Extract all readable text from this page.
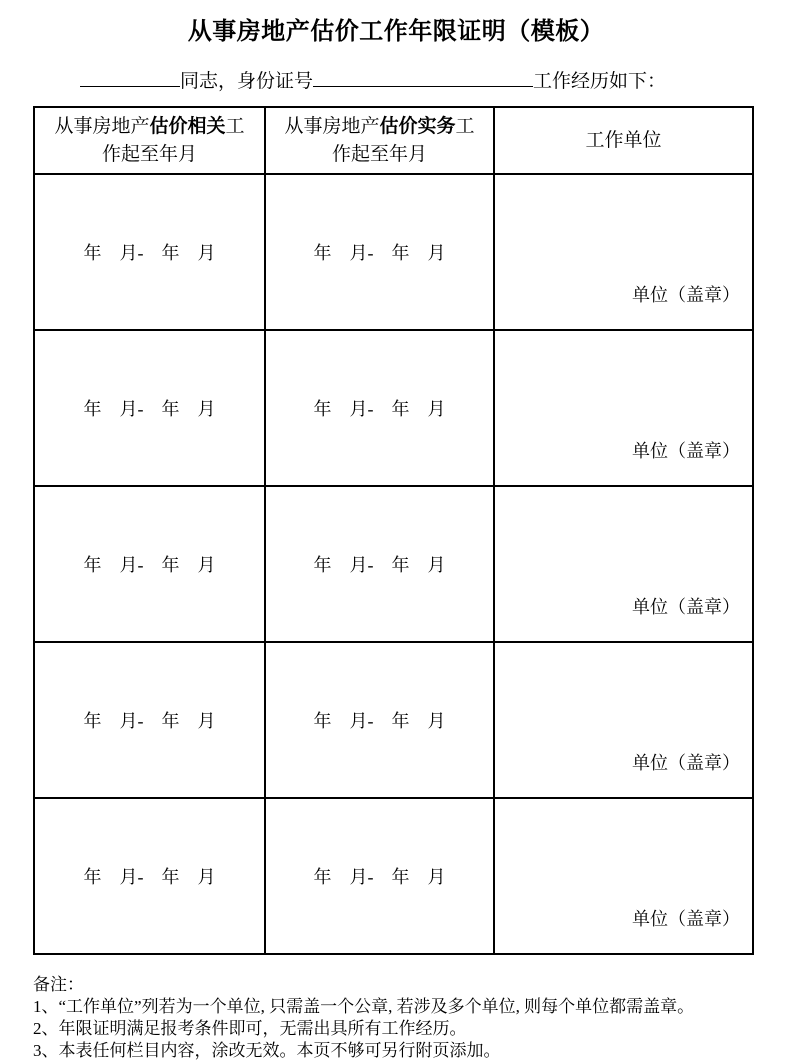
从事房地产估价工作年限证明（模板）
同志，身份证号	工作经历如下：
从事房地产估价相关工作起至年月	从事房地产估价实务工作起至年月	工作单位
年　月-　年　月	年　月-　年　月	单位（盖章）
年　月-　年　月	年　月-　年　月	单位（盖章）
年　月-　年　月	年　月-　年　月	单位（盖章）
年　月-　年　月	年　月-　年　月	单位（盖章）
年　月-　年　月	年　月-　年　月	单位（盖章）
备注：
1、“工作单位”列若为一个单位, 只需盖一个公章, 若涉及多个单位, 则每个单位都需盖章。
2、年限证明满足报考条件即可，无需出具所有工作经历。
3、本表任何栏目内容，涂改无效。本页不够可另行附页添加。
